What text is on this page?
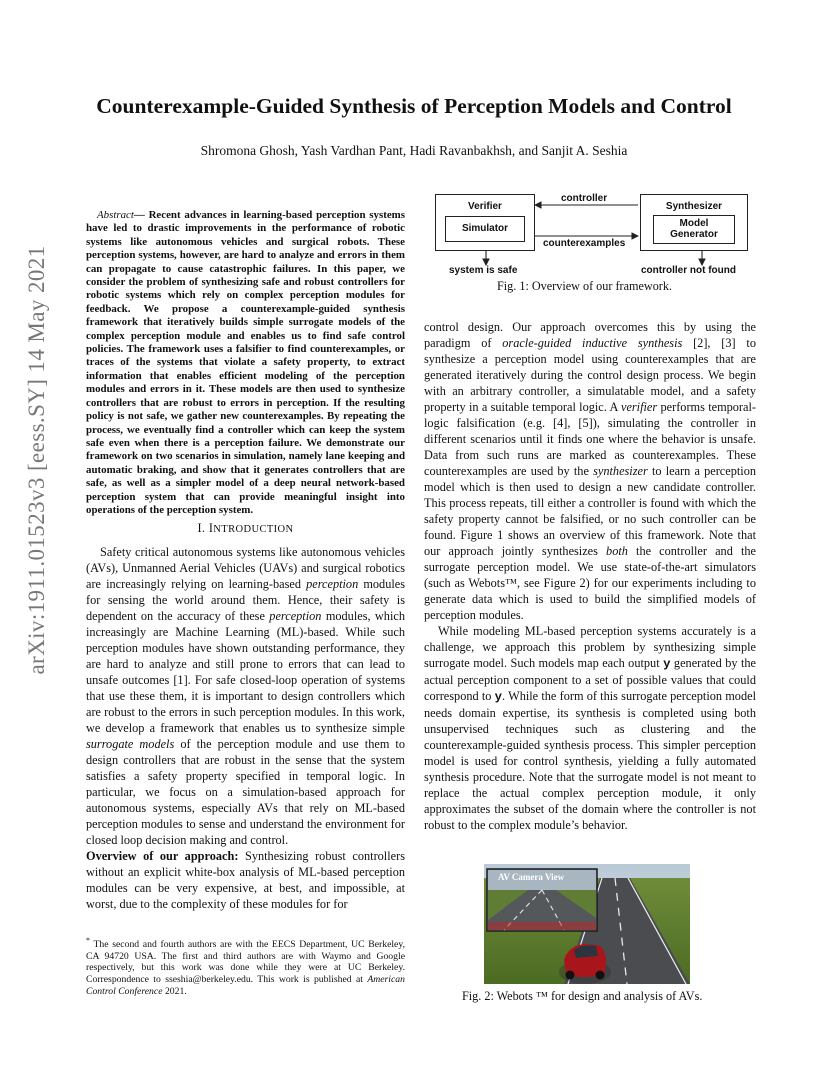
Counterexample-Guided Synthesis of Perception Models and Control
Shromona Ghosh, Yash Vardhan Pant, Hadi Ravanbakhsh, and Sanjit A. Seshia
arXiv:1911.01523v3 [eess.SY] 14 May 2021
Abstract— Recent advances in learning-based perception systems have led to drastic improvements in the performance of robotic systems like autonomous vehicles and surgical robots. These perception systems, however, are hard to analyze and errors in them can propagate to cause catastrophic failures. In this paper, we consider the problem of synthesizing safe and robust controllers for robotic systems which rely on complex perception modules for feedback. We propose a counterexample-guided synthesis framework that iteratively builds simple surrogate models of the complex perception module and enables us to find safe control policies. The framework uses a falsifier to find counterexamples, or traces of the systems that violate a safety property, to extract information that enables efficient modeling of the perception modules and errors in it. These models are then used to synthesize controllers that are robust to errors in perception. If the resulting policy is not safe, we gather new counterexamples. By repeating the process, we eventually find a controller which can keep the system safe even when there is a perception failure. We demonstrate our framework on two scenarios in simulation, namely lane keeping and automatic braking, and show that it generates controllers that are safe, as well as a simpler model of a deep neural network-based perception system that can provide meaningful insight into operations of the perception system.
I. INTRODUCTION

Safety critical autonomous systems like autonomous vehicles (AVs), Unmanned Aerial Vehicles (UAVs) and surgical robotics are increasingly relying on learning-based perception modules for sensing the world around them. Hence, their safety is dependent on the accuracy of these perception modules, which increasingly are Machine Learning (ML)-based. While such perception modules have shown outstanding performance, they are hard to analyze and still prone to errors that can lead to unsafe outcomes [1]. For safe closed-loop operation of systems that use these them, it is important to design controllers which are robust to the errors in such perception modules. In this work, we develop a framework that enables us to synthesize simple surrogate models of the perception module and use them to design controllers that are robust in the sense that the system satisfies a safety property specified in temporal logic. In particular, we focus on a simulation-based approach for autonomous systems, especially AVs that rely on ML-based perception modules to sense and understand the environment for closed loop decision making and control.

Overview of our approach: Synthesizing robust controllers without an explicit white-box analysis of ML-based perception modules can be very expensive, at best, and impossible, at worst, due to the complexity of these modules for for

* The second and fourth authors are with the EECS Department, UC Berkeley, CA 94720 USA. The first and third authors are with Waymo and Google respectively, but this work was done while they were at UC Berkeley. Correspondence to sseshia@berkeley.edu. This work is published at American Control Conference 2021.
Verifier
Simulator
Synthesizer
Model
Generator
controller
counterexamples
system is safe	controller not found
Fig. 1: Overview of our framework.

control design. Our approach overcomes this by using the paradigm of oracle-guided inductive synthesis [2], [3] to synthesize a perception model using counterexamples that are generated iteratively during the control design process. We begin with an arbitrary controller, a simulatable model, and a safety property in a suitable temporal logic. A verifier performs temporal-logic falsification (e.g. [4], [5]), simulating the controller in different scenarios until it finds one where the behavior is unsafe. Data from such runs are marked as counterexamples. These counterexamples are used by the synthesizer to learn a perception model which is then used to design a new candidate controller. This process repeats, till either a controller is found with which the safety property cannot be falsified, or no such controller can be found. Figure 1 shows an overview of this framework. Note that our approach jointly synthesizes both the controller and the surrogate perception model. We use state-of-the-art simulators (such as Webots™, see Figure 2) for our experiments including to generate data which is used to build the simplified models of perception modules.

While modeling ML-based perception systems accurately is a challenge, we approach this problem by synthesizing simple surrogate model. Such models map each output y generated by the actual perception component to a set of possible values that could correspond to y. While the form of this surrogate perception model needs domain expertise, its synthesis is completed using both unsupervised techniques such as clustering and the counterexample-guided synthesis process. This simpler perception model is used for control synthesis, yielding a fully automated synthesis procedure. Note that the surrogate model is not meant to replace the actual complex perception module, it only approximates the subset of the domain where the controller is not robust to the complex module’s behavior.

AV Camera View
Fig. 2: Webots ™ for design and analysis of AVs.
